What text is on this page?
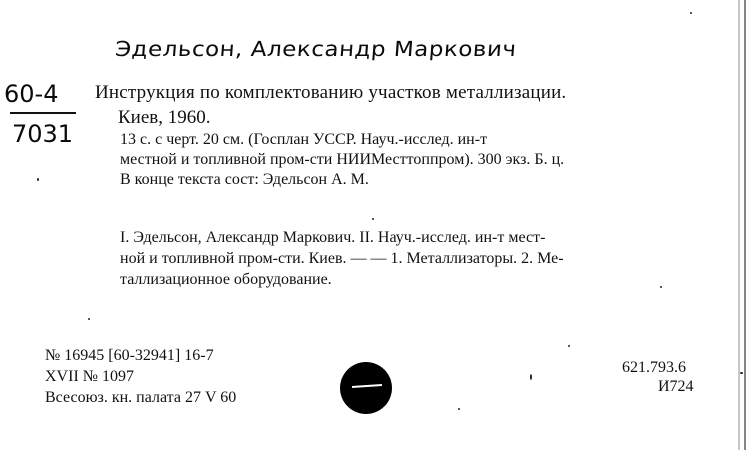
Эдельсон, Александр Маркович
60-4
7031
Инструкция по комплектованию участков металлизации.
Киев, 1960.
13 с. с черт. 20 см. (Госплан УССР. Науч.-исслед. ин-т
местной и топливной пром-сти НИИМесттоппром). 300 экз. Б. ц.
В конце текста сост: Эдельсон А. М.
I. Эдельсон, Александр Маркович. II. Науч.-исслед. ин-т мест-
ной и топливной пром-сти. Киев. — — 1. Металлизаторы. 2. Ме-
таллизационное оборудование.
№ 16945 [60-32941] 16-7
XVII № 1097
Всесоюз. кн. палата 27 V 60
621.793.6
И724
